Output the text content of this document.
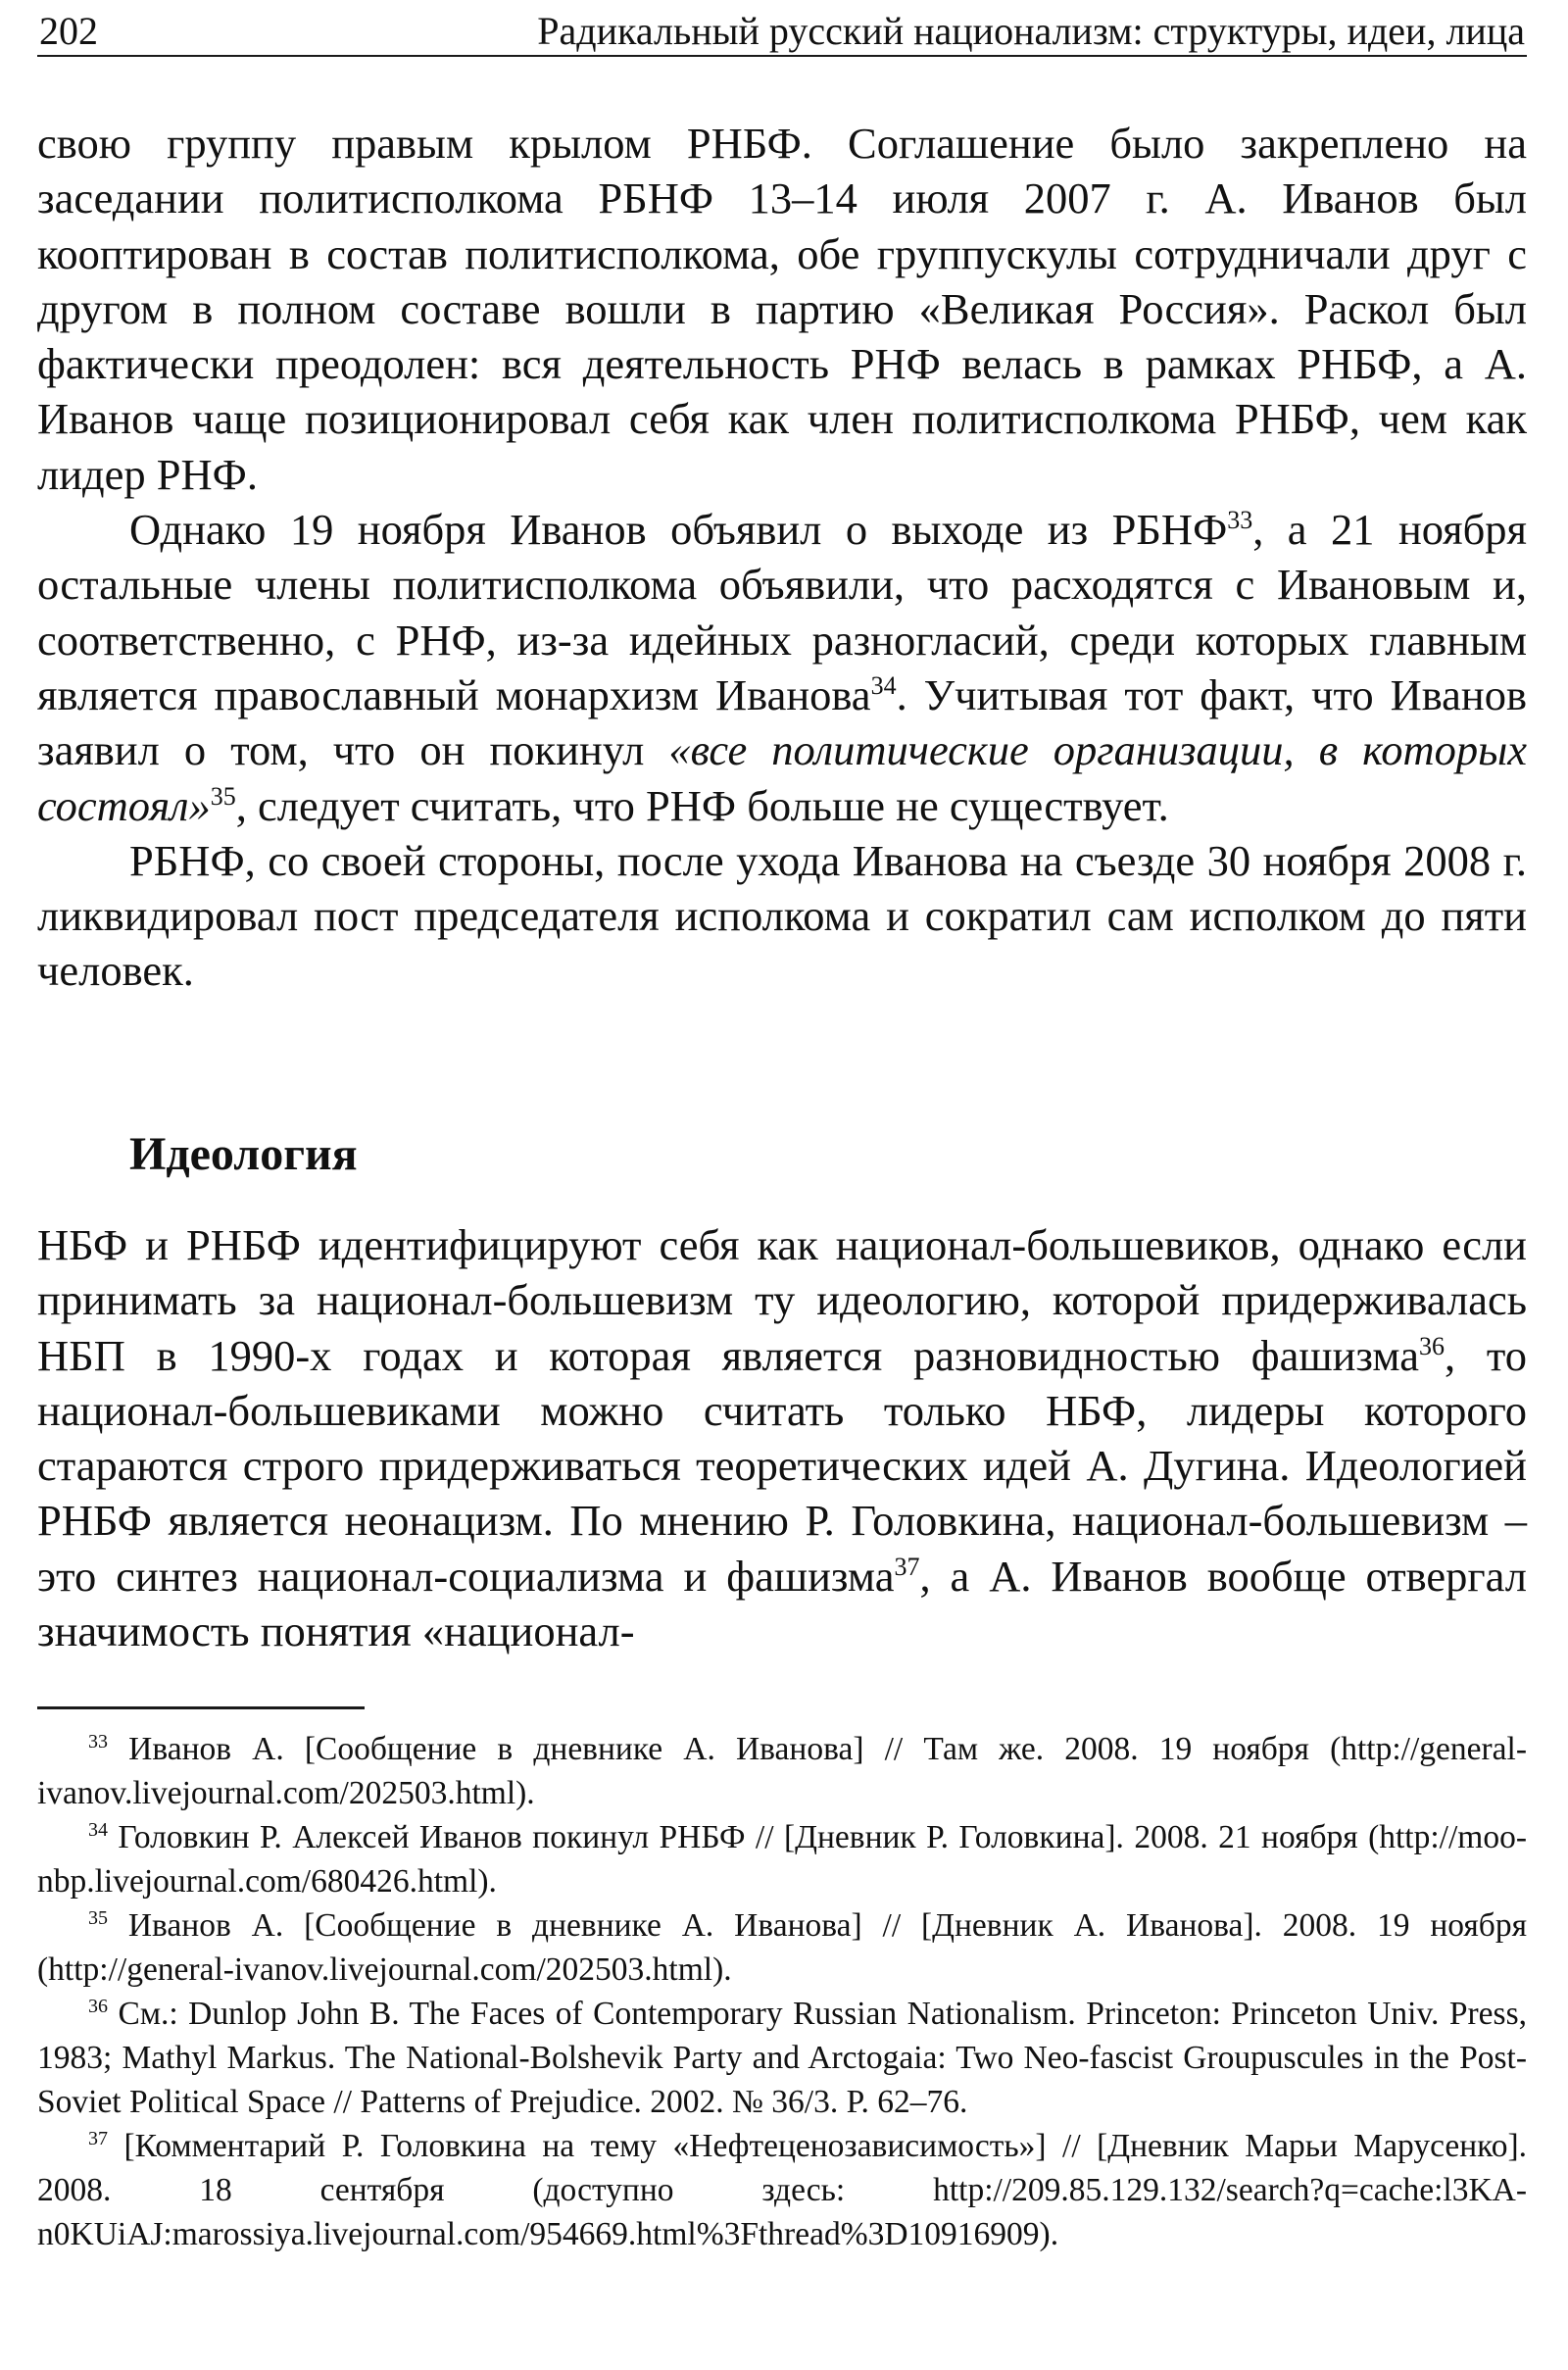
202	Радикальный русский национализм: структуры, идеи, лица

свою группу правым крылом РНБФ. Соглашение было закреплено на заседании политисполкома РБНФ 13–14 июля 2007 г. А. Иванов был кооптирован в состав политисполкома, обе группускулы сотрудничали друг с другом в полном составе вошли в партию «Великая Россия». Раскол был фактически преодолен: вся деятельность РНФ велась в рамках РНБФ, а А. Иванов чаще позиционировал себя как член политисполкома РНБФ, чем как лидер РНФ.

Однако 19 ноября Иванов объявил о выходе из РБНФ$^{33}$, а 21 ноября остальные члены политисполкома объявили, что расходятся с Ивановым и, соответственно, с РНФ, из-за идейных разногласий, среди которых главным является православный монархизм Иванова$^{34}$. Учитывая тот факт, что Иванов заявил о том, что он покинул «все политические организации, в которых состоял»$^{35}$, следует считать, что РНФ больше не существует.

РБНФ, со своей стороны, после ухода Иванова на съезде 30 ноября 2008 г. ликвидировал пост председателя исполкома и сократил сам исполком до пяти человек.

Идеология

НБФ и РНБФ идентифицируют себя как национал-большевиков, однако если принимать за национал-большевизм ту идеологию, которой придерживалась НБП в 1990-х годах и которая является разновидностью фашизма$^{36}$, то национал-большевиками можно считать только НБФ, лидеры которого стараются строго придерживаться теоретических идей А. Дугина. Идеологией РНБФ является неонацизм. По мнению Р. Головкина, национал-большевизм – это синтез национал-социализма и фашизма$^{37}$, а А. Иванов вообще отвергал значимость понятия «национал-

$^{33}$ Иванов А. [Сообщение в дневнике А. Иванова] // Там же. 2008. 19 ноября (http://general-ivanov.livejournal.com/202503.html).

$^{34}$ Головкин Р. Алексей Иванов покинул РНБФ // [Дневник Р. Головкина]. 2008. 21 ноября (http://moo-nbp.livejournal.com/680426.html).

$^{35}$ Иванов А. [Сообщение в дневнике А. Иванова] // [Дневник А. Иванова]. 2008. 19 ноября (http://general-ivanov.livejournal.com/202503.html).

$^{36}$ См.: Dunlop John B. The Faces of Contemporary Russian Nationalism. Princeton: Princeton Univ. Press, 1983; Mathyl Markus. The National-Bolshevik Party and Arctogaia: Two Neo-fascist Groupuscules in the Post-Soviet Political Space // Patterns of Prejudice. 2002. № 36/3. P. 62–76.

$^{37}$ [Комментарий Р. Головкина на тему «Нефтеценозависимость»] // [Дневник Марьи Марусенко]. 2008. 18 сентября (доступно здесь: http://209.85.129.132/search?q=cache:l3KA-n0KUiAJ:marossiya.livejournal.com/954669.html%3Fthread%3D10916909).
